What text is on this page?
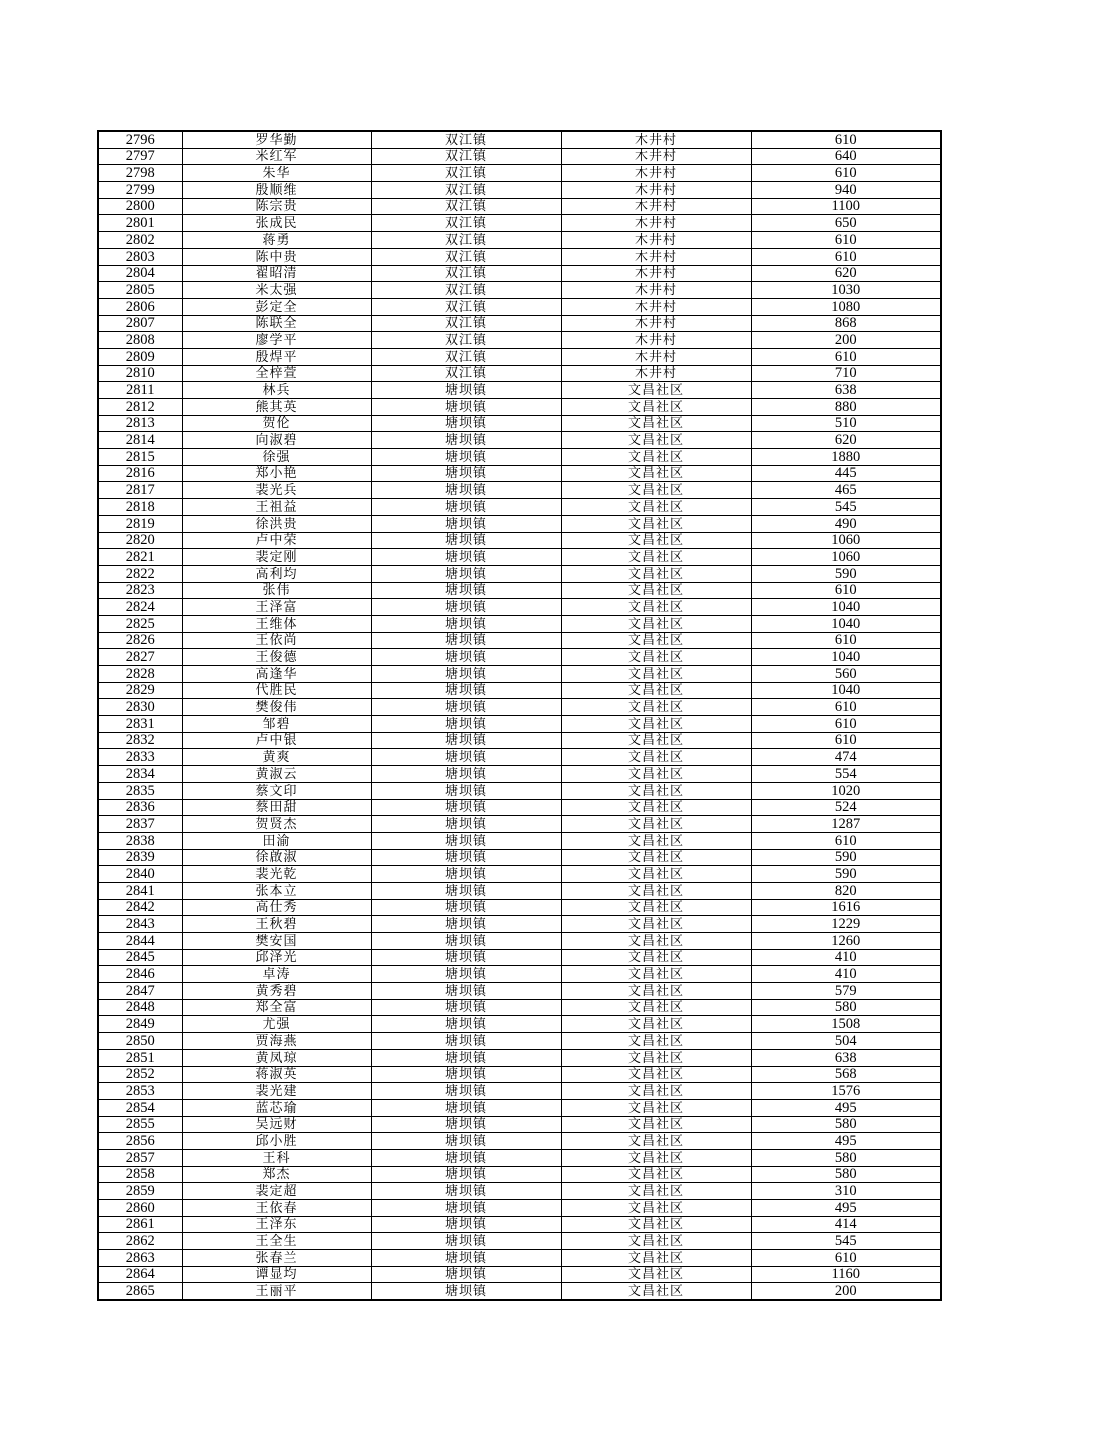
2796	罗华勤	双江镇	木井村	610
2797	米红军	双江镇	木井村	640
2798	朱华	双江镇	木井村	610
2799	殷顺维	双江镇	木井村	940
2800	陈宗贵	双江镇	木井村	1100
2801	张成民	双江镇	木井村	650
2802	蒋勇	双江镇	木井村	610
2803	陈中贵	双江镇	木井村	610
2804	翟昭清	双江镇	木井村	620
2805	米太强	双江镇	木井村	1030
2806	彭定全	双江镇	木井村	1080
2807	陈联全	双江镇	木井村	868
2808	廖学平	双江镇	木井村	200
2809	殷焊平	双江镇	木井村	610
2810	全梓萱	双江镇	木井村	710
2811	林兵	塘坝镇	文昌社区	638
2812	熊其英	塘坝镇	文昌社区	880
2813	贺伦	塘坝镇	文昌社区	510
2814	向淑碧	塘坝镇	文昌社区	620
2815	徐强	塘坝镇	文昌社区	1880
2816	郑小艳	塘坝镇	文昌社区	445
2817	裴光兵	塘坝镇	文昌社区	465
2818	王祖益	塘坝镇	文昌社区	545
2819	徐洪贵	塘坝镇	文昌社区	490
2820	卢中荣	塘坝镇	文昌社区	1060
2821	裴定刚	塘坝镇	文昌社区	1060
2822	高利均	塘坝镇	文昌社区	590
2823	张伟	塘坝镇	文昌社区	610
2824	王泽富	塘坝镇	文昌社区	1040
2825	王维体	塘坝镇	文昌社区	1040
2826	王依尚	塘坝镇	文昌社区	610
2827	王俊德	塘坝镇	文昌社区	1040
2828	高逢华	塘坝镇	文昌社区	560
2829	代胜民	塘坝镇	文昌社区	1040
2830	樊俊伟	塘坝镇	文昌社区	610
2831	邹碧	塘坝镇	文昌社区	610
2832	卢中银	塘坝镇	文昌社区	610
2833	黄爽	塘坝镇	文昌社区	474
2834	黄淑云	塘坝镇	文昌社区	554
2835	蔡文印	塘坝镇	文昌社区	1020
2836	蔡田甜	塘坝镇	文昌社区	524
2837	贺贤杰	塘坝镇	文昌社区	1287
2838	田渝	塘坝镇	文昌社区	610
2839	徐啟淑	塘坝镇	文昌社区	590
2840	裴光乾	塘坝镇	文昌社区	590
2841	张本立	塘坝镇	文昌社区	820
2842	高仕秀	塘坝镇	文昌社区	1616
2843	王秋碧	塘坝镇	文昌社区	1229
2844	樊安国	塘坝镇	文昌社区	1260
2845	邱泽光	塘坝镇	文昌社区	410
2846	卓涛	塘坝镇	文昌社区	410
2847	黄秀碧	塘坝镇	文昌社区	579
2848	郑全富	塘坝镇	文昌社区	580
2849	尤强	塘坝镇	文昌社区	1508
2850	贾海燕	塘坝镇	文昌社区	504
2851	黄凤琼	塘坝镇	文昌社区	638
2852	蒋淑英	塘坝镇	文昌社区	568
2853	裴光建	塘坝镇	文昌社区	1576
2854	蓝芯瑜	塘坝镇	文昌社区	495
2855	吴远财	塘坝镇	文昌社区	580
2856	邱小胜	塘坝镇	文昌社区	495
2857	王科	塘坝镇	文昌社区	580
2858	郑杰	塘坝镇	文昌社区	580
2859	裴定超	塘坝镇	文昌社区	310
2860	王依春	塘坝镇	文昌社区	495
2861	王泽东	塘坝镇	文昌社区	414
2862	王全生	塘坝镇	文昌社区	545
2863	张春兰	塘坝镇	文昌社区	610
2864	谭显均	塘坝镇	文昌社区	1160
2865	王丽平	塘坝镇	文昌社区	200
